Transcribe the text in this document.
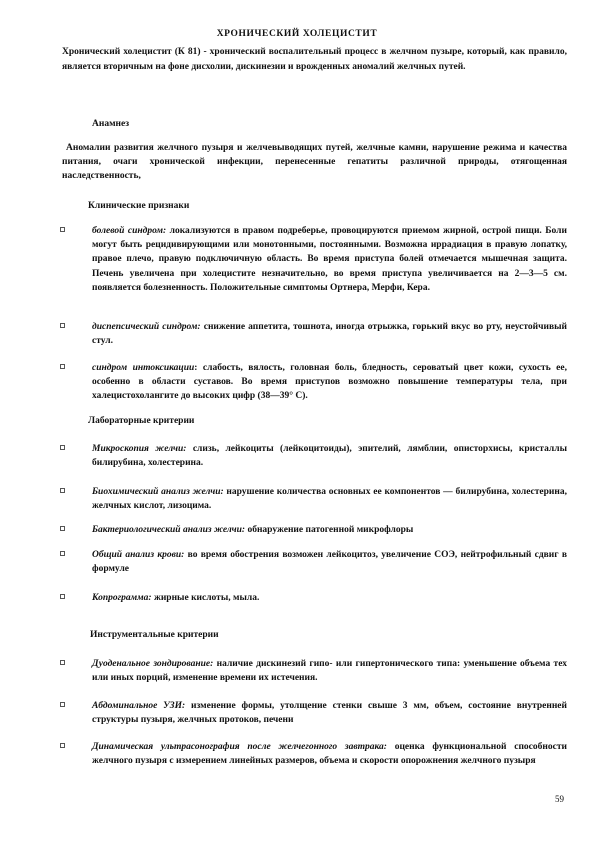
ХРОНИЧЕСКИЙ ХОЛЕЦИСТИТ
Хронический холецистит (К 81) - хронический воспалительный процесс в желчном пузыре, который, как правило, является вторичным на фоне дисхолии, дискинезии и врожденных аномалий желчных путей.
Анамнез
Аномалии развития желчного пузыря и желчевыводящих путей, желчные камни, нарушение режима и качества питания, очаги хронической инфекции, перенесенные гепатиты различной природы, отягощенная наследственность,
Клинические признаки
болевой синдром: локализуются в правом подреберье, провоцируются приемом жирной, острой пищи. Боли могут быть рецидивирующими или монотонными, постоянными. Возможна иррадиация в правую лопатку, правое плечо, правую подключичную область. Во время приступа болей отмечается мышечная защита. Печень увеличена при холецистите незначительно, во время приступа увеличивается на 2—3—5 см. появляется болезненность. Положительные симптомы Ортнера, Мерфи, Кера.
диспепсический синдром: снижение аппетита, тошнота, иногда отрыжка, горький вкус во рту, неустойчивый стул.
синдром интоксикации: слабость, вялость, головная боль, бледность, сероватый цвет кожи, сухость ее, особенно в области суставов. Во время приступов возможно повышение температуры тела, при халецистохолангите до высоких цифр (38—39° С).
Лабораторные критерии
Микроскопия желчи: слизь, лейкоциты (лейкоцитоиды), эпителий, лямблии, описторхисы, кристаллы билирубина, холестерина.
Биохимический анализ желчи: нарушение количества основных ее компонентов — билирубина, холестерина, желчных кислот, лизоцима.
Бактериологический анализ желчи: обнаружение патогенной микрофлоры
Общий анализ крови: во время обострения возможен лейкоцитоз, увеличение СОЭ, нейтрофильный сдвиг в формуле
Копрограмма: жирные кислоты, мыла.
Инструментальные критерии
Дуоденальное зондирование: наличие дискинезий гипо- или гипертонического типа: уменьшение объема тех или иных порций, изменение времени их истечения.
Абдоминальное УЗИ: изменение формы, утолщение стенки свыше 3 мм, объем, состояние внутренней структуры пузыря, желчных протоков, печени
Динамическая ультрасонография после желчегонного завтрака: оценка функциональной способности желчного пузыря с измерением линейных размеров, объема и скорости опорожнения желчного пузыря
59
